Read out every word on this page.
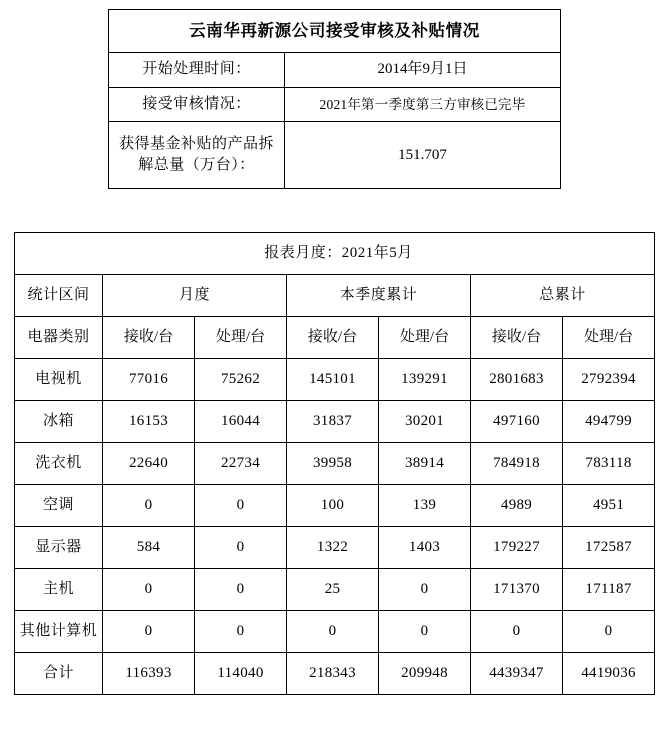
云南华再新源公司接受审核及补贴情况	
开始处理时间：	2014年9月1日
接受审核情况：	2021年第一季度第三方审核已完毕
获得基金补贴的产品拆解总量（万台）：	151.707
报表月度：2021年5月						
统计区间	月度		本季度累计		总累计	
电器类别	接收/台	处理/台	接收/台	处理/台	接收/台	处理/台
电视机	77016	75262	145101	139291	2801683	2792394
冰箱	16153	16044	31837	30201	497160	494799
洗衣机	22640	22734	39958	38914	784918	783118
空调	0	0	100	139	4989	4951
显示器	584	0	1322	1403	179227	172587
主机	0	0	25	0	171370	171187
其他计算机	0	0	0	0	0	0
合计	116393	114040	218343	209948	4439347	4419036
